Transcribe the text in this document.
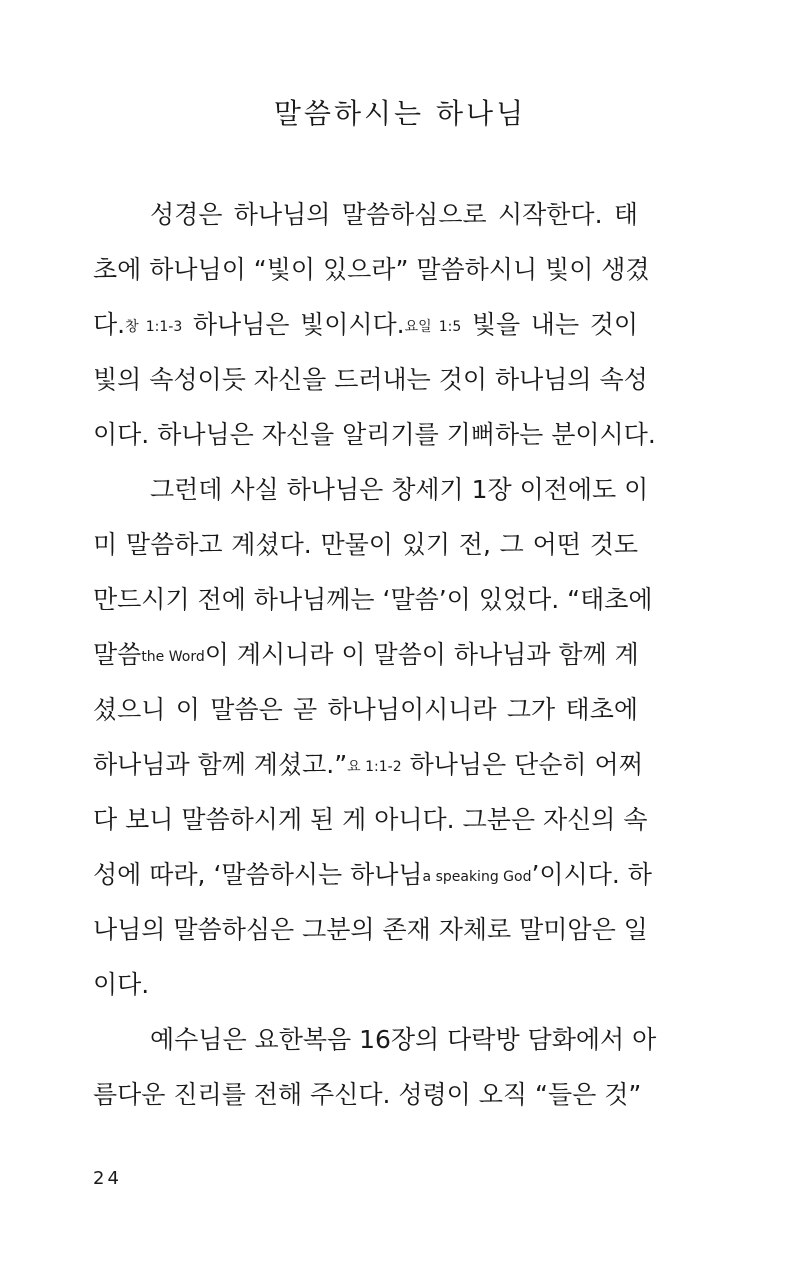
말씀하시는 하나님
성경은 하나님의 말씀하심으로 시작한다. 태
초에 하나님이 “빛이 있으라” 말씀하시니 빛이 생겼
다.창 1:1-3 하나님은 빛이시다.요일 1:5 빛을 내는 것이
빛의 속성이듯 자신을 드러내는 것이 하나님의 속성
이다. 하나님은 자신을 알리기를 기뻐하는 분이시다.
그런데 사실 하나님은 창세기 1장 이전에도 이
미 말씀하고 계셨다. 만물이 있기 전, 그 어떤 것도
만드시기 전에 하나님께는 ‘말씀’이 있었다. “태초에
말씀the Word이 계시니라 이 말씀이 하나님과 함께 계
셨으니 이 말씀은 곧 하나님이시니라 그가 태초에
하나님과 함께 계셨고.”요 1:1-2 하나님은 단순히 어쩌
다 보니 말씀하시게 된 게 아니다. 그분은 자신의 속
성에 따라, ‘말씀하시는 하나님a speaking God’이시다. 하
나님의 말씀하심은 그분의 존재 자체로 말미암은 일
이다.
예수님은 요한복음 16장의 다락방 담화에서 아
름다운 진리를 전해 주신다. 성령이 오직 “들은 것”
24
